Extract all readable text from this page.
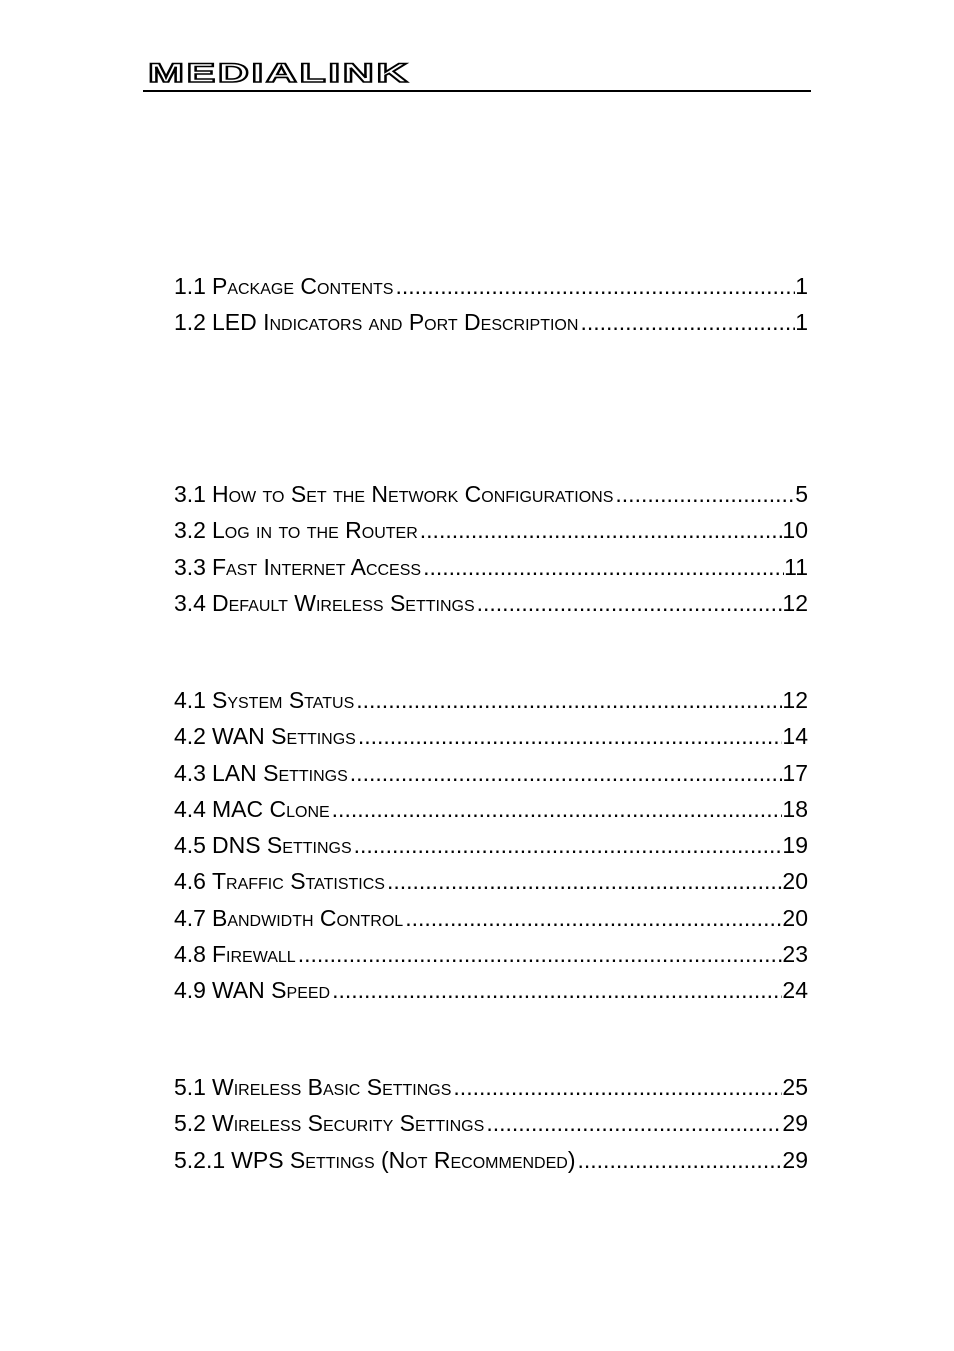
MEDIALINK
1.1 Package Contents .....	1
1.2 LED Indicators and Port Description .....	1
3.1 How to Set the Network Configurations .....	5
3.2 Log in to the Router .....	10
3.3 Fast Internet Access .....	11
3.4 Default Wireless Settings .....	12
4.1 System Status .....	12
4.2 WAN Settings .....	14
4.3 LAN Settings .....	17
4.4 MAC Clone .....	18
4.5 DNS Settings .....	19
4.6 Traffic Statistics .....	20
4.7 Bandwidth Control .....	20
4.8 Firewall .....	23
4.9 WAN Speed .....	24
5.1 Wireless Basic Settings .....	25
5.2 Wireless Security Settings .....	29
5.2.1 WPS Settings (Not Recommended) .....	29
